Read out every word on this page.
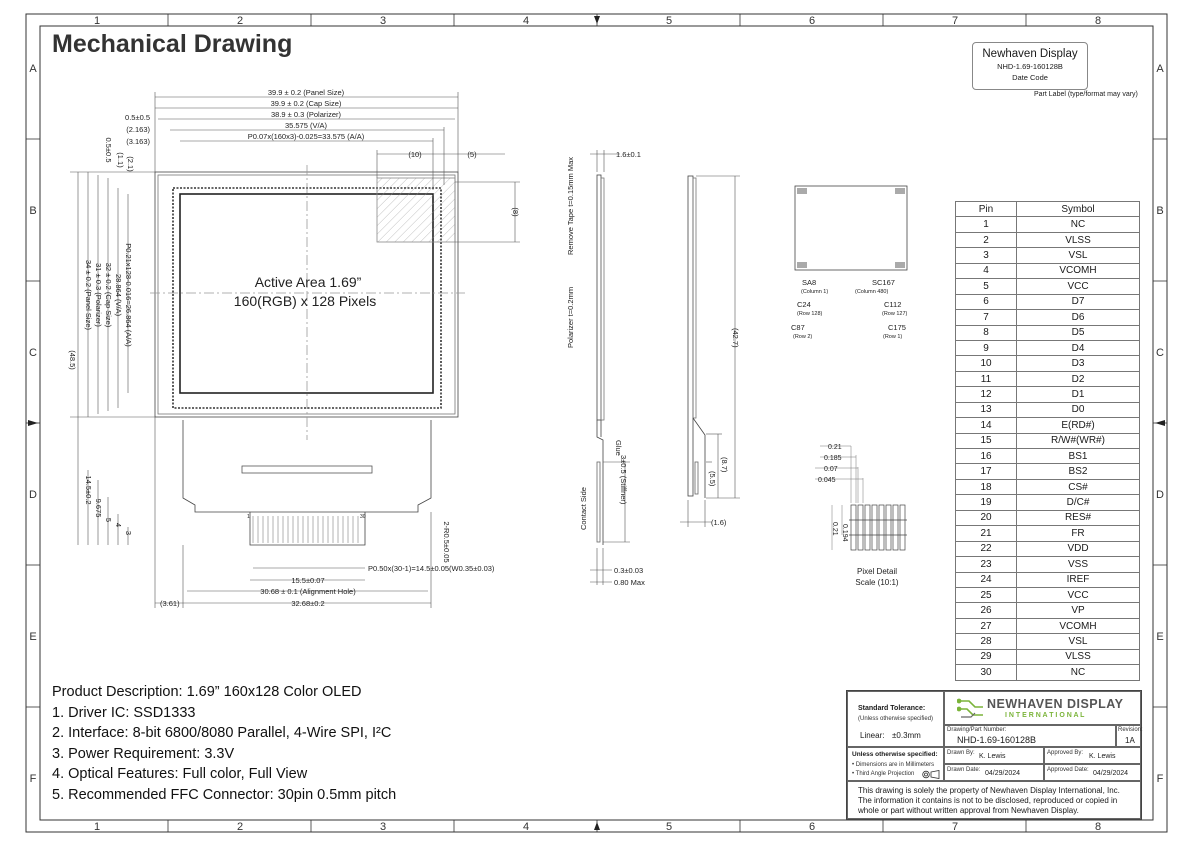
1	2	3	4	5	6	7	8
1	2	3	4	5	6	7	8
A
B
C
D
E
F
A
B
C
D
E
F
Mechanical Drawing	Newhaven Display
NHD-1.69-160128B
Date Code
Part Label (type/format may vary)
Active Area 1.69”
160(RGB) x 128 Pixels
39.9 ± 0.2 (Panel Size)
39.9 ± 0.2 (Cap Size)
38.9 ± 0.3 (Polarizer)
35.575 (V/A)
P0.07x(160x3)-0.025=33.575 (A/A)
(10)	(5)
0.5±0.5
(2.163)
(3.163)
34 ± 0.2 (Panel Size)
(48.5)
32 ± 0.2 (Cap Size)
31 ± 0.3 (Polarizer) 28.864 (V/A) P0.21x128-0.016=26.864 (A/A)
0.5±0.5 (1.1) (2.1)
(8)
14.5±0.2
9.675
5
4
3	2-R0.5±0.05
P0.50x(30-1)=14.5±0.05(W0.35±0.03)
15.5±0.07
30.68 ± 0.1 (Alignment Hole)
32.68±0.2
(3.61)
1	30
Remove Tape t=0.15mm Max
Polarizer t=0.2mm
Glue
Contact Side
3±0.5 (Stiffner)
1.6±0.1
0.3±0.03
0.80 Max
(42.7)
(8.7)
(5.5)
(1.6)
SA8
(Column 1)
SC167
(Column 480)
C24
(Row 128)
C112
(Row 127)
C87
(Row 2)
C175
(Row 1)
0.21
0.185
0.07
0.045
0.194
0.21
Pixel Detail
Scale (10:1)
Pin	Symbol
1	NC
2	VLSS
3	VSL
4	VCOMH
5	VCC
6	D7
7	D6
8	D5
9	D4
10	D3
11	D2
12	D1
13	D0
14	E(RD#)
15	R/W#(WR#)
16	BS1
17	BS2
18	CS#
19	D/C#
20	RES#
21	FR
22	VDD
23	VSS
24	IREF
25	VCC
26	VP
27	VCOMH
28	VSL
29	VLSS
30	NC
Product Description: 1.69” 160x128 Color OLED
1. Driver IC: SSD1333
2. Interface: 8-bit 6800/8080 Parallel, 4-Wire SPI, I²C
3. Power Requirement: 3.3V
4. Optical Features: Full color, Full View
5. Recommended FFC Connector: 30pin 0.5mm pitch
Standard Tolerance:
(Unless otherwise specified)
Linear: ±0.3mm
NEWHAVEN DISPLAY
I N T E R N A T I O N A L
Drawing/Part Number:
NHD-1.69-160128B
Revision:
1A
Unless otherwise specified:
• Dimensions are in Millimeters
• Third Angle Projection
Drawn By: K. Lewis	Approved By: K. Lewis
Drawn Date: 04/29/2024	Approved Date: 04/29/2024
This drawing is solely the property of Newhaven Display International, Inc.
The information it contains is not to be disclosed, reproduced or copied in
whole or part without written approval from Newhaven Display.
